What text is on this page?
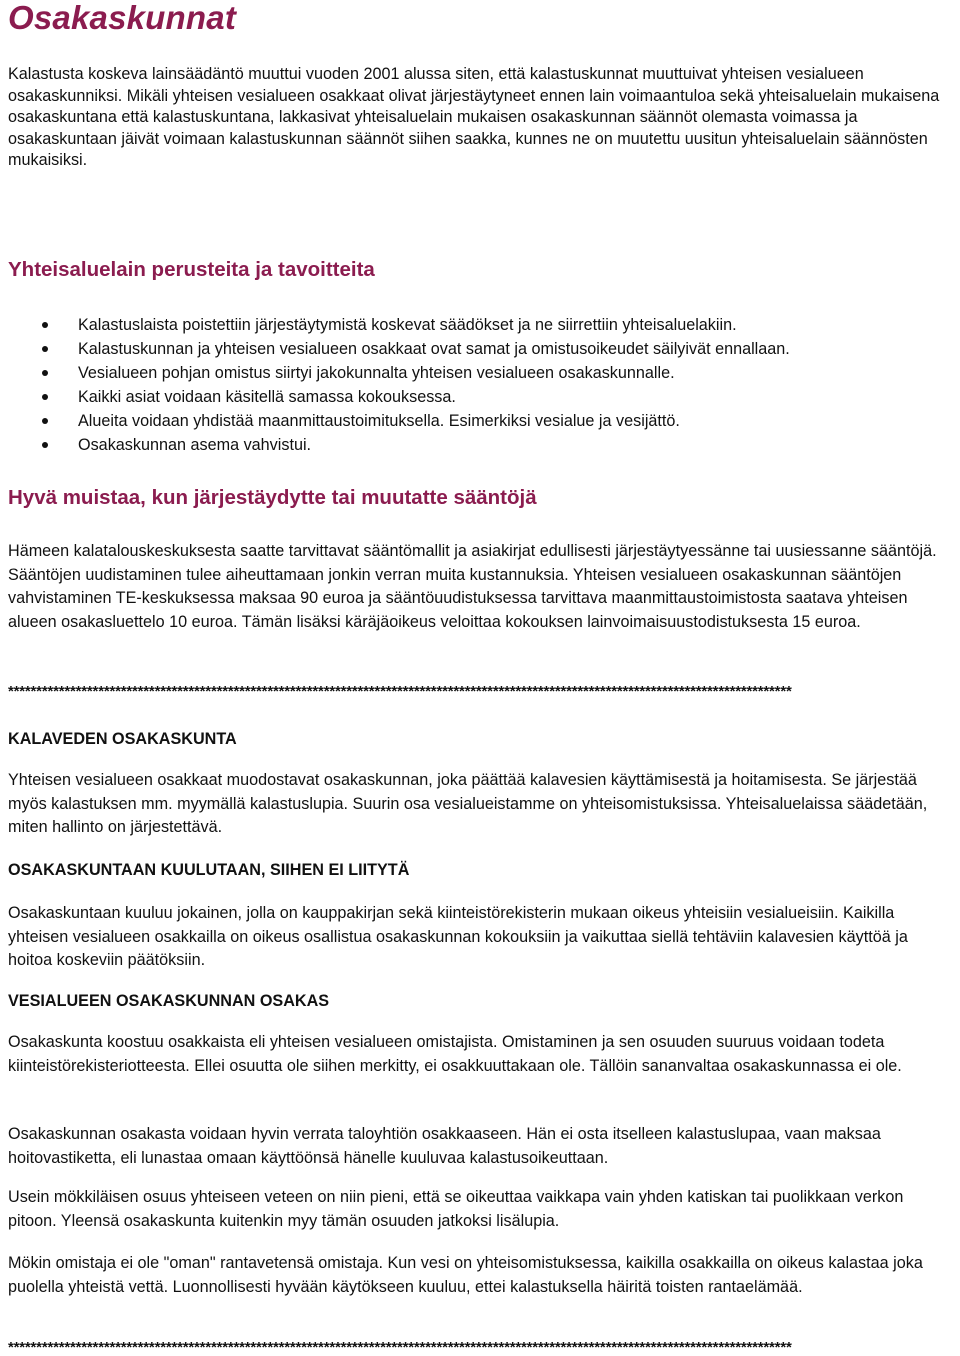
Osakaskunnat

Kalastusta koskeva lainsäädäntö muuttui vuoden 2001 alussa siten, että kalastuskunnat muuttuivat yhteisen vesialueen osakaskunniksi. Mikäli yhteisen vesialueen osakkaat olivat järjestäytyneet ennen lain voimaantuloa sekä yhteisaluelain mukaisena osakaskuntana että kalastuskuntana, lakkasivat yhteisaluelain mukaisen osakaskunnan säännöt olemasta voimassa ja osakaskuntaan jäivät voimaan kalastuskunnan säännöt siihen saakka, kunnes ne on muutettu uusitun yhteisaluelain säännösten mukaisiksi.

Yhteisaluelain perusteita ja tavoitteita
Kalastuslaista poistettiin järjestäytymistä koskevat säädökset ja ne siirrettiin yhteisaluelakiin.
Kalastuskunnan ja yhteisen vesialueen osakkaat ovat samat ja omistusoikeudet säilyivät ennallaan.
Vesialueen pohjan omistus siirtyi jakokunnalta yhteisen vesialueen osakaskunnalle.
Kaikki asiat voidaan käsitellä samassa kokouksessa.
Alueita voidaan yhdistää maanmittaustoimituksella. Esimerkiksi vesialue ja vesijättö.
Osakaskunnan asema vahvistui.
Hyvä muistaa, kun järjestäydytte tai muutatte sääntöjä

Hämeen kalatalouskeskuksesta saatte tarvittavat sääntömallit ja asiakirjat edullisesti järjestäytyessänne tai uusiessanne sääntöjä. Sääntöjen uudistaminen tulee aiheuttamaan jonkin verran muita kustannuksia. Yhteisen vesialueen osakaskunnan sääntöjen vahvistaminen TE-keskuksessa maksaa 90 euroa ja sääntöuudistuksessa tarvittava maanmittaustoimistosta saatava yhteisen alueen osakasluettelo 10 euroa. Tämän lisäksi käräjäoikeus veloittaa kokouksen lainvoimaisuustodistuksesta 15 euroa.

*******************************************************************************************************************************************

KALAVEDEN OSAKASKUNTA

Yhteisen vesialueen osakkaat muodostavat osakaskunnan, joka päättää kalavesien käyttämisestä ja hoitamisesta. Se järjestää myös kalastuksen mm. myymällä kalastuslupia. Suurin osa vesialueistamme on yhteisomistuksissa. Yhteisaluelaissa säädetään, miten hallinto on järjestettävä.

OSAKASKUNTAAN KUULUTAAN, SIIHEN EI LIITYTÄ

Osakaskuntaan kuuluu jokainen, jolla on kauppakirjan sekä kiinteistörekisterin mukaan oikeus yhteisiin vesialueisiin. Kaikilla yhteisen vesialueen osakkailla on oikeus osallistua osakaskunnan kokouksiin ja vaikuttaa siellä tehtäviin kalavesien käyttöä ja hoitoa koskeviin päätöksiin.

VESIALUEEN OSAKASKUNNAN OSAKAS

Osakaskunta koostuu osakkaista eli yhteisen vesialueen omistajista. Omistaminen ja sen osuuden suuruus voidaan todeta kiinteistörekisteriotteesta. Ellei osuutta ole siihen merkitty, ei osakkuuttakaan ole. Tällöin sananvaltaa osakaskunnassa ei ole.

Osakaskunnan osakasta voidaan hyvin verrata taloyhtiön osakkaaseen. Hän ei osta itselleen kalastuslupaa, vaan maksaa hoitovastiketta, eli lunastaa omaan käyttöönsä hänelle kuuluvaa kalastusoikeuttaan.

Usein mökkiläisen osuus yhteiseen veteen on niin pieni, että se oikeuttaa vaikkapa vain yhden katiskan tai puolikkaan verkon pitoon. Yleensä osakaskunta kuitenkin myy tämän osuuden jatkoksi lisälupia.

Mökin omistaja ei ole "oman" rantavetensä omistaja. Kun vesi on yhteisomistuksessa, kaikilla osakkailla on oikeus kalastaa joka puolella yhteistä vettä. Luonnollisesti hyvään käytökseen kuuluu, ettei kalastuksella häiritä toisten rantaelämää.

*******************************************************************************************************************************************
